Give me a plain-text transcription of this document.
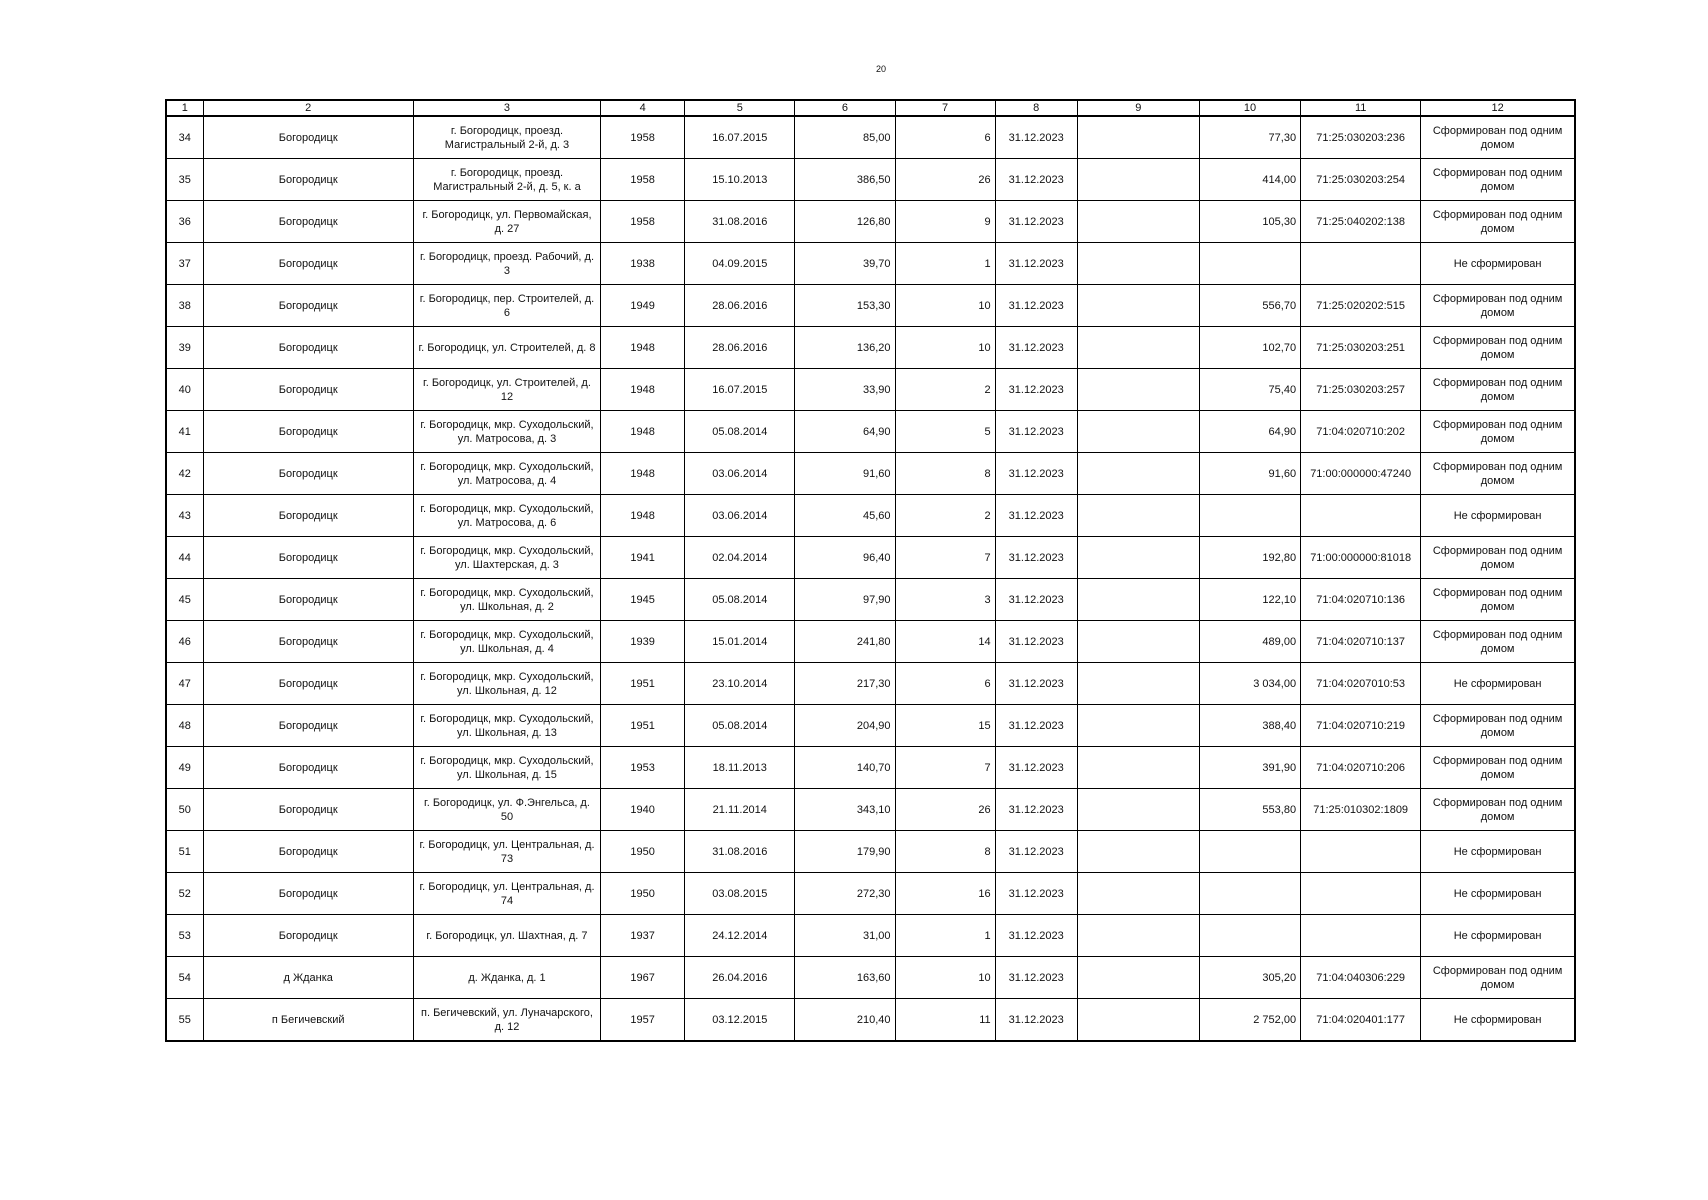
20
1	2	3	4	5	6	7	8	9	10	11	12
34	Богородицк	г. Богородицк, проезд. Магистральный 2-й, д. 3	1958	16.07.2015	85,00	6	31.12.2023		77,30	71:25:030203:236	Сформирован под одним домом
35	Богородицк	г. Богородицк, проезд. Магистральный 2-й, д. 5, к. а	1958	15.10.2013	386,50	26	31.12.2023		414,00	71:25:030203:254	Сформирован под одним домом
36	Богородицк	г. Богородицк, ул. Первомайская, д. 27	1958	31.08.2016	126,80	9	31.12.2023		105,30	71:25:040202:138	Сформирован под одним домом
37	Богородицк	г. Богородицк, проезд. Рабочий, д. 3	1938	04.09.2015	39,70	1	31.12.2023				Не сформирован
38	Богородицк	г. Богородицк, пер. Строителей, д. 6	1949	28.06.2016	153,30	10	31.12.2023		556,70	71:25:020202:515	Сформирован под одним домом
39	Богородицк	г. Богородицк, ул. Строителей, д. 8	1948	28.06.2016	136,20	10	31.12.2023		102,70	71:25:030203:251	Сформирован под одним домом
40	Богородицк	г. Богородицк, ул. Строителей, д. 12	1948	16.07.2015	33,90	2	31.12.2023		75,40	71:25:030203:257	Сформирован под одним домом
41	Богородицк	г. Богородицк, мкр. Суходольский, ул. Матросова, д. 3	1948	05.08.2014	64,90	5	31.12.2023		64,90	71:04:020710:202	Сформирован под одним домом
42	Богородицк	г. Богородицк, мкр. Суходольский, ул. Матросова, д. 4	1948	03.06.2014	91,60	8	31.12.2023		91,60	71:00:000000:47240	Сформирован под одним домом
43	Богородицк	г. Богородицк, мкр. Суходольский, ул. Матросова, д. 6	1948	03.06.2014	45,60	2	31.12.2023				Не сформирован
44	Богородицк	г. Богородицк, мкр. Суходольский, ул. Шахтерская, д. 3	1941	02.04.2014	96,40	7	31.12.2023		192,80	71:00:000000:81018	Сформирован под одним домом
45	Богородицк	г. Богородицк, мкр. Суходольский, ул. Школьная, д. 2	1945	05.08.2014	97,90	3	31.12.2023		122,10	71:04:020710:136	Сформирован под одним домом
46	Богородицк	г. Богородицк, мкр. Суходольский, ул. Школьная, д. 4	1939	15.01.2014	241,80	14	31.12.2023		489,00	71:04:020710:137	Сформирован под одним домом
47	Богородицк	г. Богородицк, мкр. Суходольский, ул. Школьная, д. 12	1951	23.10.2014	217,30	6	31.12.2023		3 034,00	71:04:0207010:53	Не сформирован
48	Богородицк	г. Богородицк, мкр. Суходольский, ул. Школьная, д. 13	1951	05.08.2014	204,90	15	31.12.2023		388,40	71:04:020710:219	Сформирован под одним домом
49	Богородицк	г. Богородицк, мкр. Суходольский, ул. Школьная, д. 15	1953	18.11.2013	140,70	7	31.12.2023		391,90	71:04:020710:206	Сформирован под одним домом
50	Богородицк	г. Богородицк, ул. Ф.Энгельса, д. 50	1940	21.11.2014	343,10	26	31.12.2023		553,80	71:25:010302:1809	Сформирован под одним домом
51	Богородицк	г. Богородицк, ул. Центральная, д. 73	1950	31.08.2016	179,90	8	31.12.2023				Не сформирован
52	Богородицк	г. Богородицк, ул. Центральная, д. 74	1950	03.08.2015	272,30	16	31.12.2023				Не сформирован
53	Богородицк	г. Богородицк, ул. Шахтная, д. 7	1937	24.12.2014	31,00	1	31.12.2023				Не сформирован
54	д Жданка	д. Жданка, д. 1	1967	26.04.2016	163,60	10	31.12.2023		305,20	71:04:040306:229	Сформирован под одним домом
55	п Бегичевский	п. Бегичевский, ул. Луначарского, д. 12	1957	03.12.2015	210,40	11	31.12.2023		2 752,00	71:04:020401:177	Не сформирован
